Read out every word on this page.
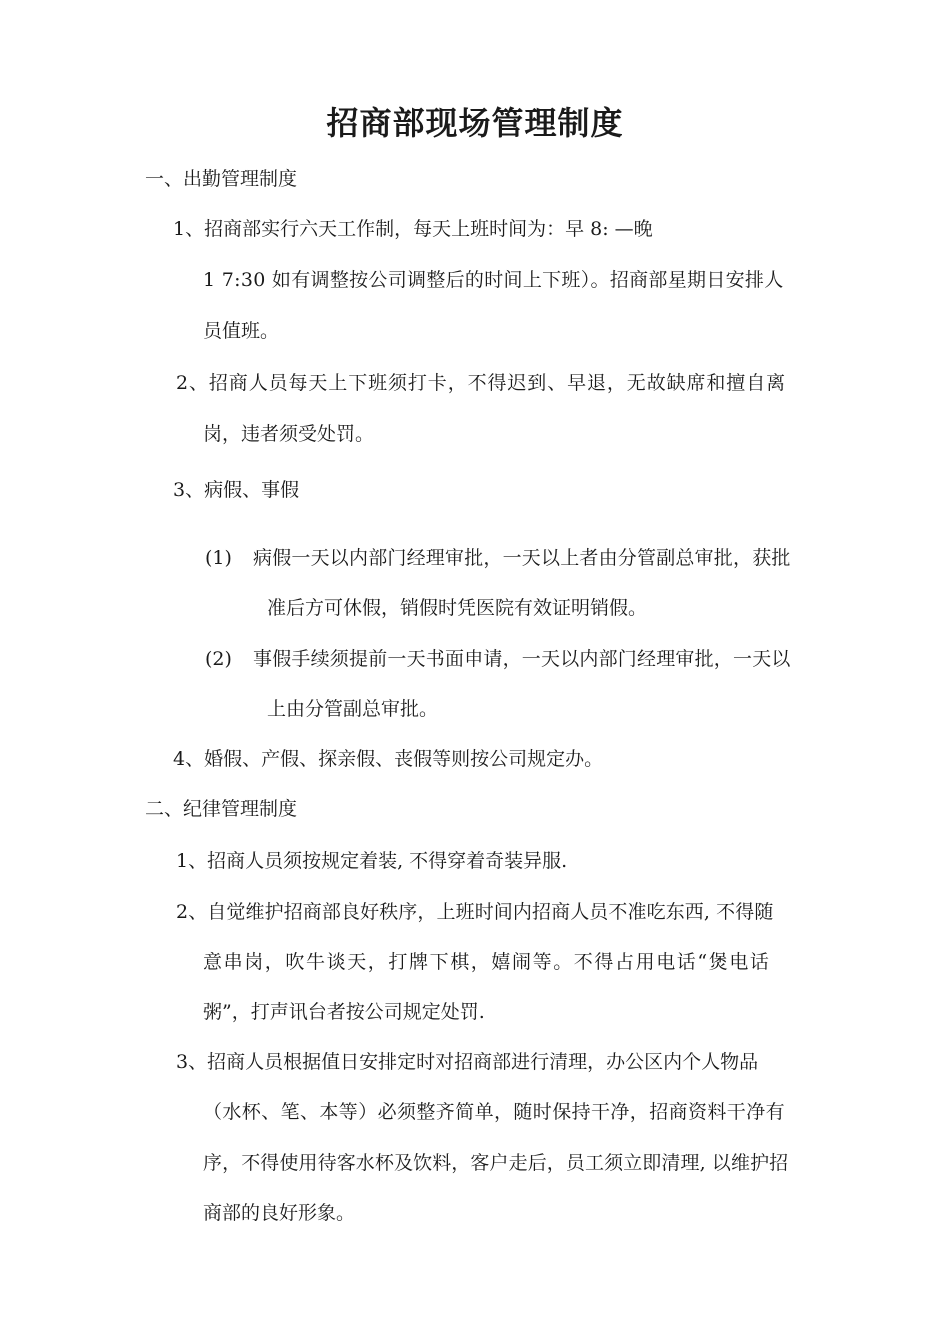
招商部现场管理制度

一、出勤管理制度

1、招商部实行六天工作制，每天上班时间为：早 8: —晚

1 7:30 如有调整按公司调整后的时间上下班）。招商部星期日安排人

员值班。

2、招商人员每天上下班须打卡，不得迟到、早退，无故缺席和擅自离

岗，违者须受处罚。

3、病假、事假

(1) 病假一天以内部门经理审批，一天以上者由分管副总审批，获批

准后方可休假，销假时凭医院有效证明销假。

(2) 事假手续须提前一天书面申请，一天以内部门经理审批，一天以

上由分管副总审批。

4、婚假、产假、探亲假、丧假等则按公司规定办。

二、纪律管理制度

1、招商人员须按规定着装, 不得穿着奇装异服.

2、自觉维护招商部良好秩序，上班时间内招商人员不准吃东西, 不得随

意串岗，吹牛谈天，打牌下棋，嬉闹等。不得占用电话“煲电话

粥”，打声讯台者按公司规定处罚.

3、招商人员根据值日安排定时对招商部进行清理，办公区内个人物品

（水杯、笔、本等）必须整齐简单，随时保持干净，招商资料干净有

序，不得使用待客水杯及饮料，客户走后，员工须立即清理, 以维护招

商部的良好形象。
